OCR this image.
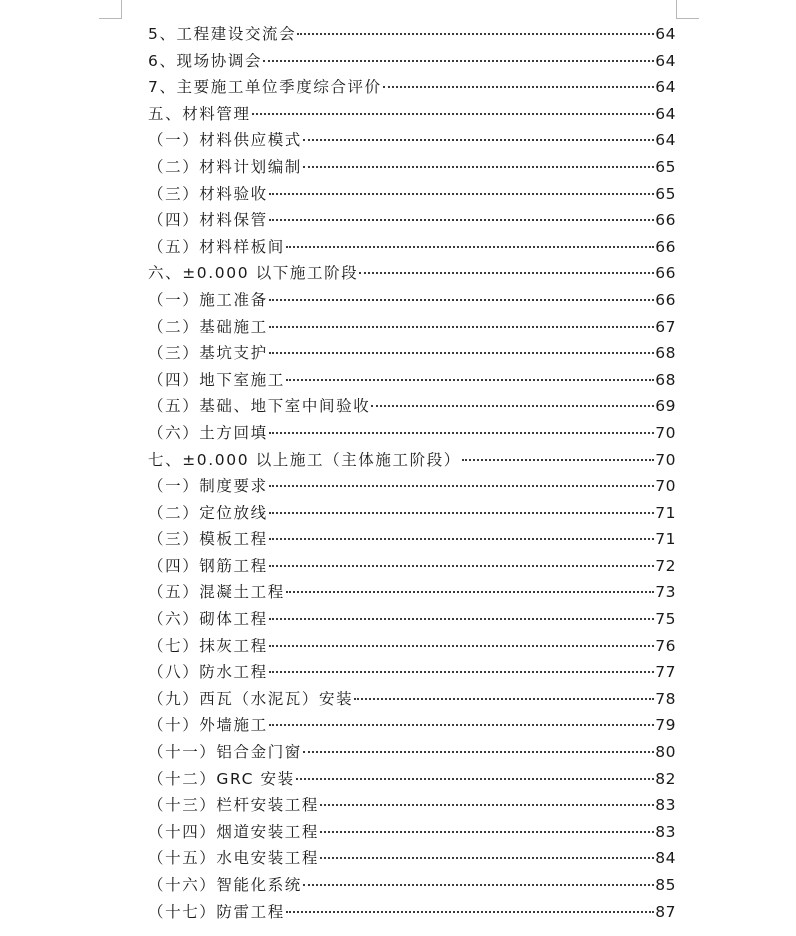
5、工程建设交流会	64
6、现场协调会	64
7、主要施工单位季度综合评价	64
五、材料管理	64
（一）材料供应模式	64
（二）材料计划编制	65
（三）材料验收	65
（四）材料保管	66
（五）材料样板间	66
六、±0.000 以下施工阶段	66
（一）施工准备	66
（二）基础施工	67
（三）基坑支护	68
（四）地下室施工	68
（五）基础、地下室中间验收	69
（六）土方回填	70
七、±0.000 以上施工（主体施工阶段）	70
（一）制度要求	70
（二）定位放线	71
（三）模板工程	71
（四）钢筋工程	72
（五）混凝土工程	73
（六）砌体工程	75
（七）抹灰工程	76
（八）防水工程	77
（九）西瓦（水泥瓦）安装	78
（十）外墙施工	79
（十一）铝合金门窗	80
（十二）GRC 安装	82
（十三）栏杆安装工程	83
（十四）烟道安装工程	83
（十五）水电安装工程	84
（十六）智能化系统	85
（十七）防雷工程	87
